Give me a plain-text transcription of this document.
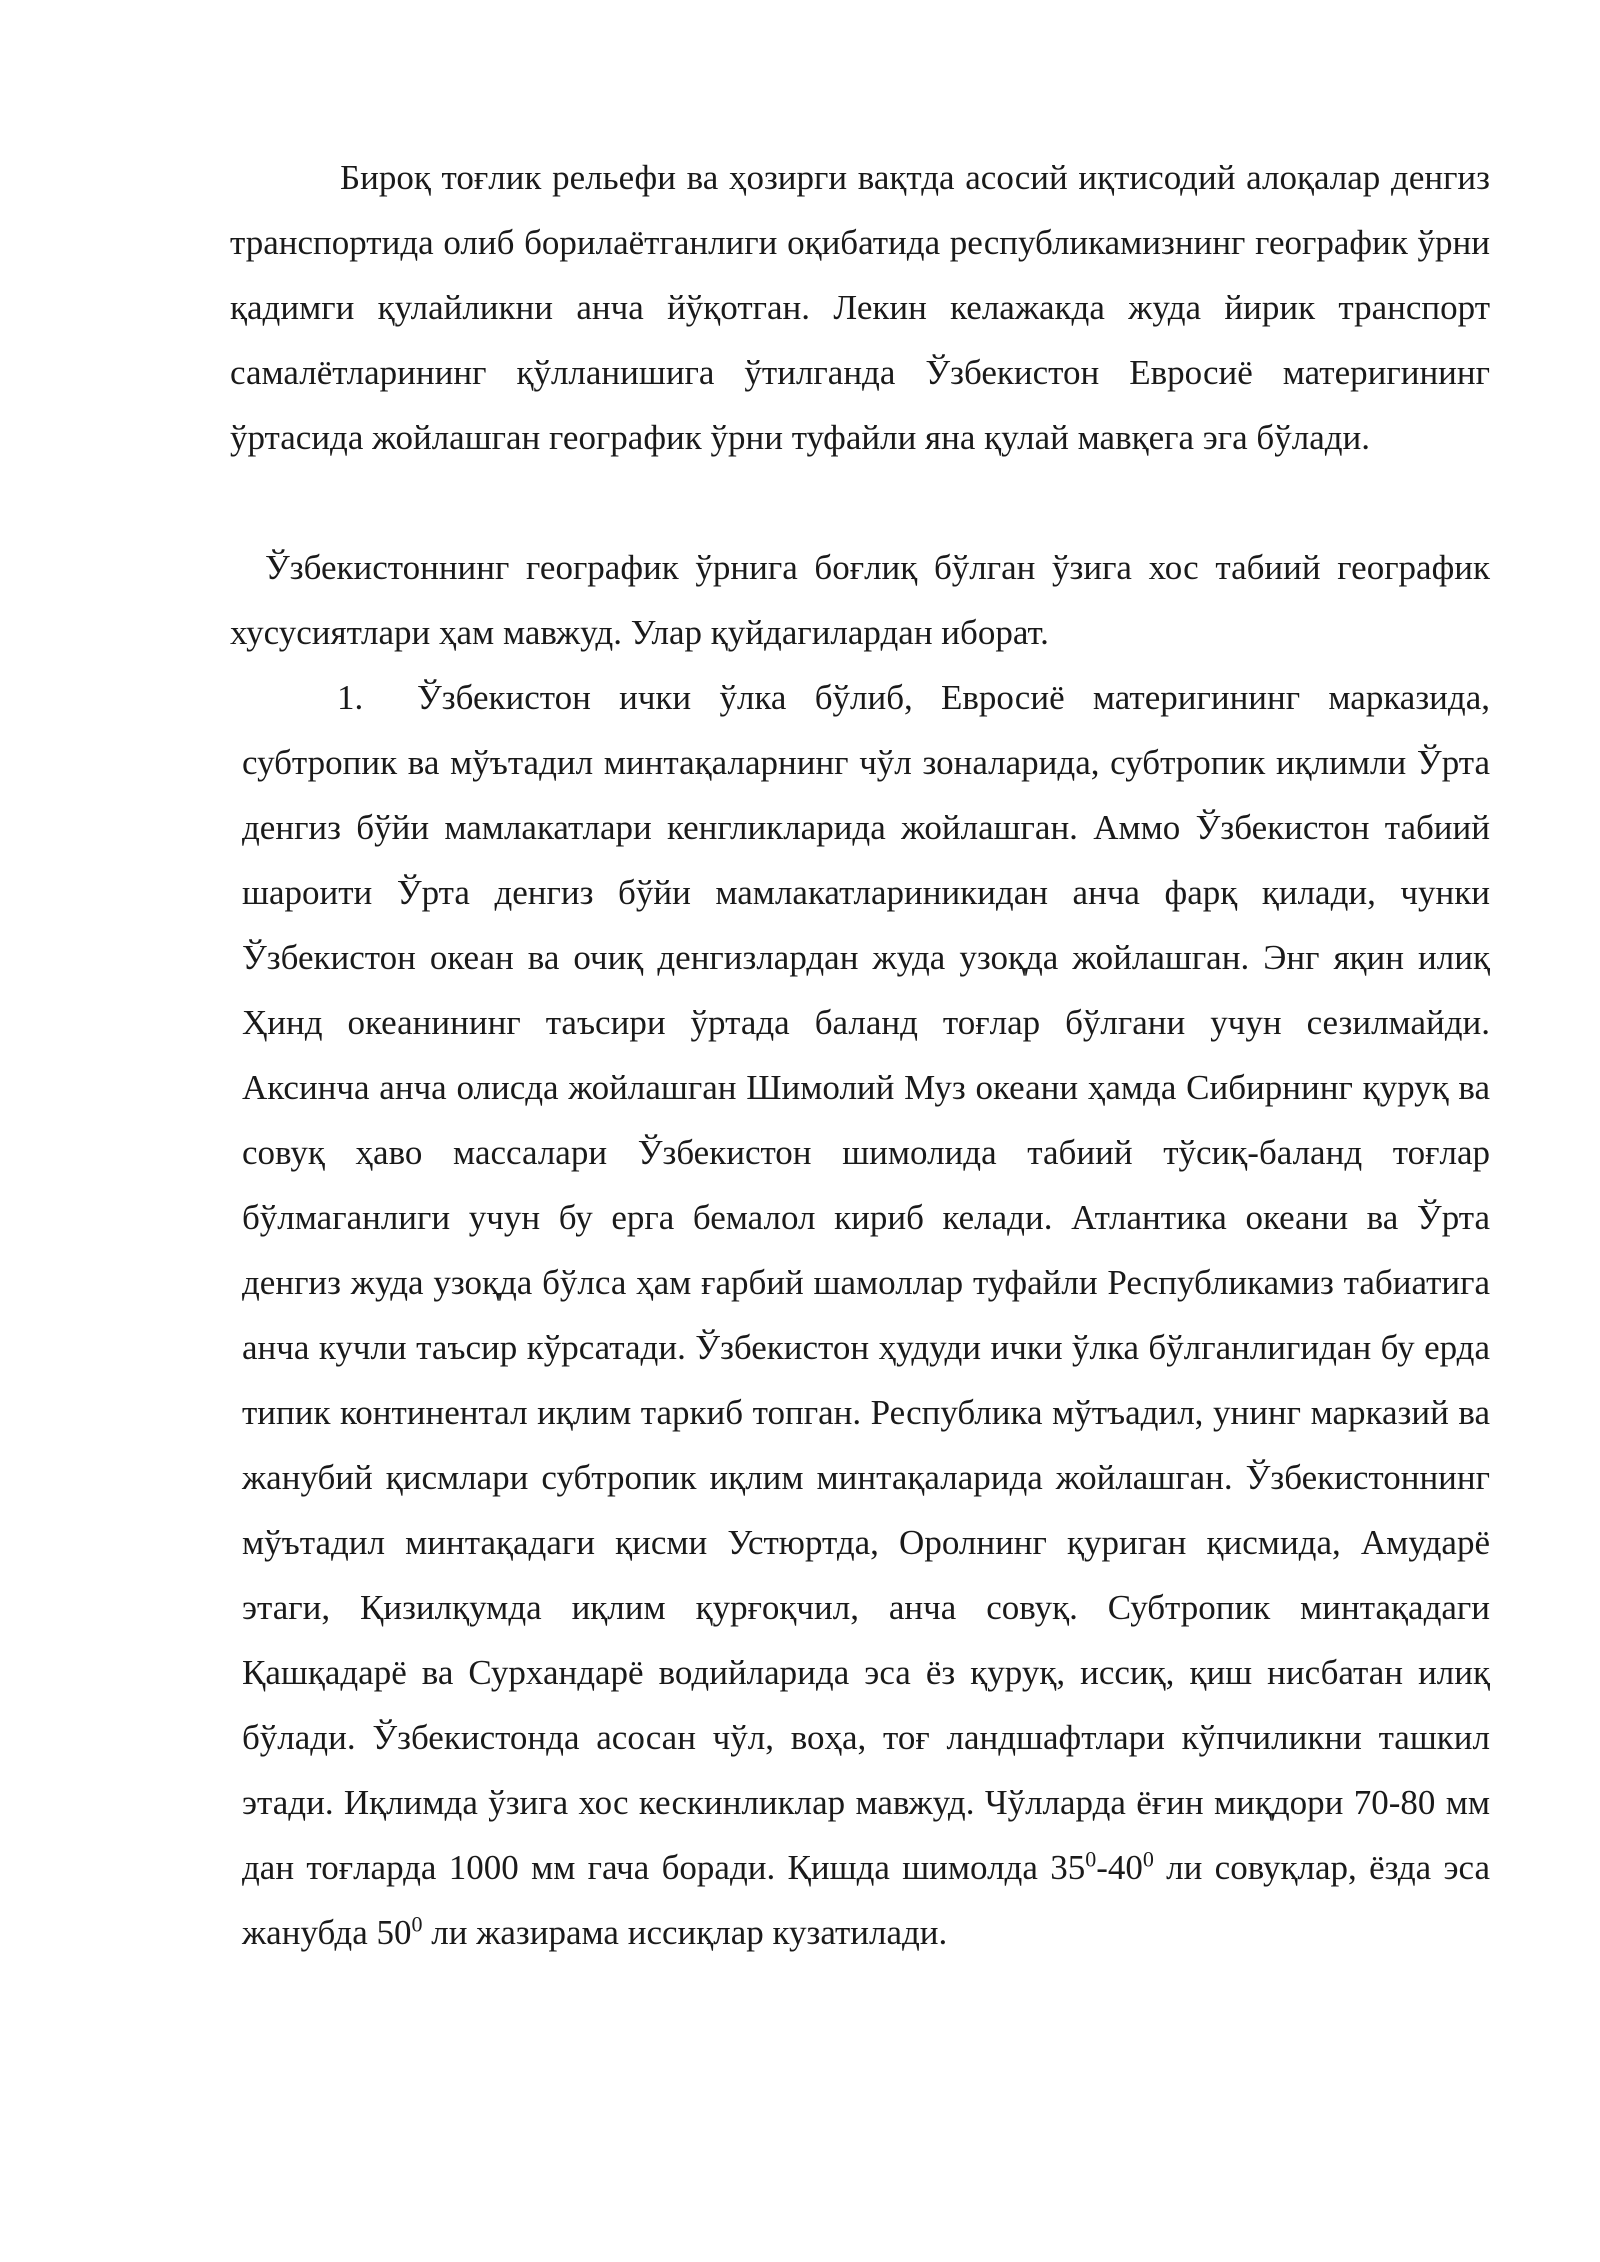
Бироқ тоғлик рельефи ва ҳозирги вақтда асосий иқтисодий алоқалар денгиз транспортида олиб борилаётганлиги оқибатида республикамизнинг географик ўрни қадимги қулайликни анча йўқотган. Лекин келажакда жуда йирик транспорт самалётларининг қўлланишига ўтилганда Ўзбекистон Евросиё материгининг ўртасида жойлашган географик ўрни туфайли яна қулай мавқега эга бўлади.

Ўзбекистоннинг географик ўрнига боғлиқ бўлган ўзига хос табиий географик хусусиятлари ҳам мавжуд. Улар қуйдагилардан иборат.

1. Ўзбекистон ички ўлка бўлиб, Евросиё материгининг марказида, субтропик ва мўътадил минтақаларнинг чўл зоналарида, субтропик иқлимли Ўрта денгиз бўйи мамлакатлари кенгликларида жойлашган. Аммо Ўзбекистон табиий шароити Ўрта денгиз бўйи мамлакатлариникидан анча фарқ қилади, чунки Ўзбекистон океан ва очиқ денгизлардан жуда узоқда жойлашган. Энг яқин илиқ Ҳинд океанининг таъсири ўртада баланд тоғлар бўлгани учун сезилмайди. Аксинча анча олисда жойлашган Шимолий Муз океани ҳамда Сибирнинг қуруқ ва совуқ ҳаво массалари Ўзбекистон шимолида табиий тўсиқ-баланд тоғлар бўлмаганлиги учун бу ерга бемалол кириб келади. Атлантика океани ва Ўрта денгиз жуда узоқда бўлса ҳам ғарбий шамоллар туфайли Республикамиз табиатига анча кучли таъсир кўрсатади. Ўзбекистон ҳудуди ички ўлка бўлганлигидан бу ерда типик континентал иқлим таркиб топган. Республика мўтъадил, унинг марказий ва жанубий қисмлари субтропик иқлим минтақаларида жойлашган. Ўзбекистоннинг мўътадил минтақадаги қисми Устюртда, Оролнинг қуриган қисмида, Амударё этаги, Қизилқумда иқлим қурғоқчил, анча совуқ. Субтропик минтақадаги Қашқадарё ва Сурхандарё водийларида эса ёз қуруқ, иссиқ, қиш нисбатан илиқ бўлади. Ўзбекистонда асосан чўл, воҳа, тоғ ландшафтлари кўпчиликни ташкил этади. Иқлимда ўзига хос кескинликлар мавжуд. Чўлларда ёғин миқдори 70-80 мм дан тоғларда 1000 мм гача боради. Қишда шимолда $35^0-40^0$ ли совуқлар, ёзда эса жанубда $50^0$ ли жазирама иссиқлар кузатилади.
